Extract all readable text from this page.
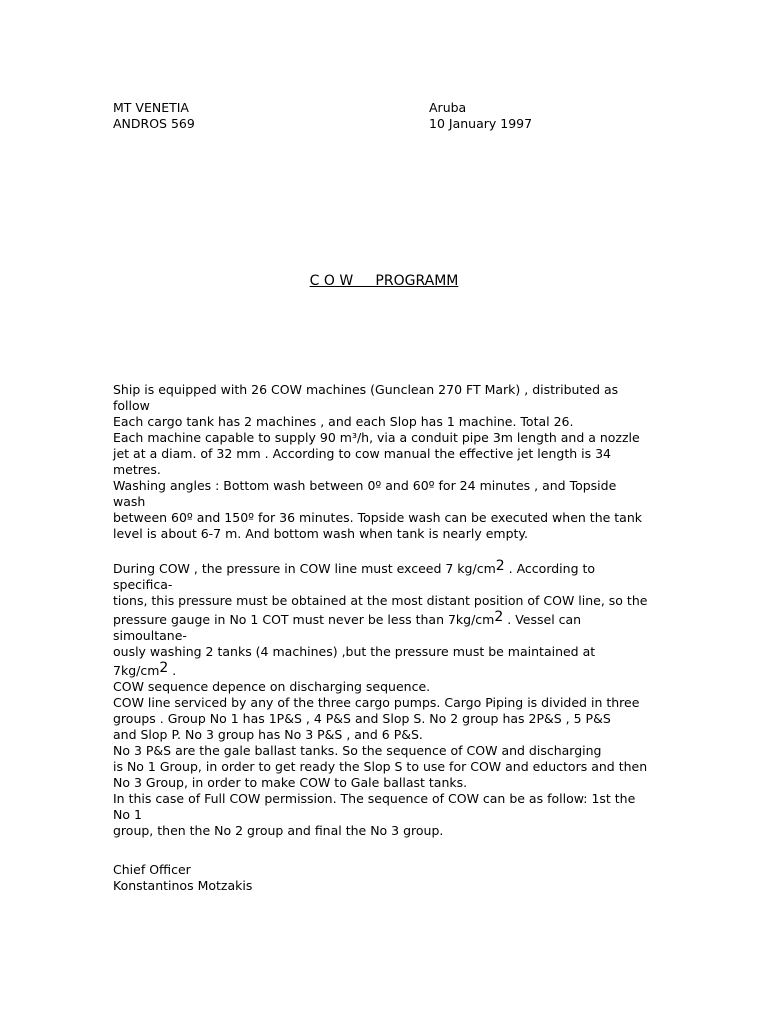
MT VENETIA
ANDROS 569
Aruba
10 January 1997
C O W     PROGRAMM

Ship is equipped with 26 COW machines (Gunclean 270 FT Mark) , distributed as

follow

Each cargo tank has 2 machines , and each Slop has 1 machine. Total 26.

Each machine capable to supply 90 m³/h, via a conduit pipe 3m length and a nozzle

jet at a diam. of 32 mm . According to cow manual the effective jet length is 34

metres.

Washing angles : Bottom wash between 0º and 60º for 24 minutes , and Topside

wash

between 60º and 150º for 36 minutes. Topside wash can be executed when the tank

level is about 6-7 m. And bottom wash when tank is nearly empty.

During COW , the pressure in COW line must exceed 7 kg/cm2 . According to

specifica-

tions, this pressure must be obtained at the most distant position of COW line, so the

pressure gauge in No 1 COT must never be less than 7kg/cm2 . Vessel can

simoultane-

ously washing 2 tanks (4 machines) ,but the pressure must be maintained at

7kg/cm2 .

COW sequence depence on discharging sequence.

COW line serviced by any of the three cargo pumps. Cargo Piping is divided in three

groups . Group No 1 has 1P&S , 4 P&S and Slop S. No 2 group has 2P&S , 5 P&S

and Slop P. No 3 group has No 3 P&S , and 6 P&S.

No 3 P&S are the gale ballast tanks. So the sequence of COW and discharging

is No 1 Group, in order to get ready the Slop S to use for COW and eductors and then

No 3 Group, in order to make COW to Gale ballast tanks.

In this case of Full COW permission. The sequence of COW can be as follow: 1st the

No 1

group, then the No 2 group and final the No 3 group.

Chief Officer

Konstantinos Motzakis
